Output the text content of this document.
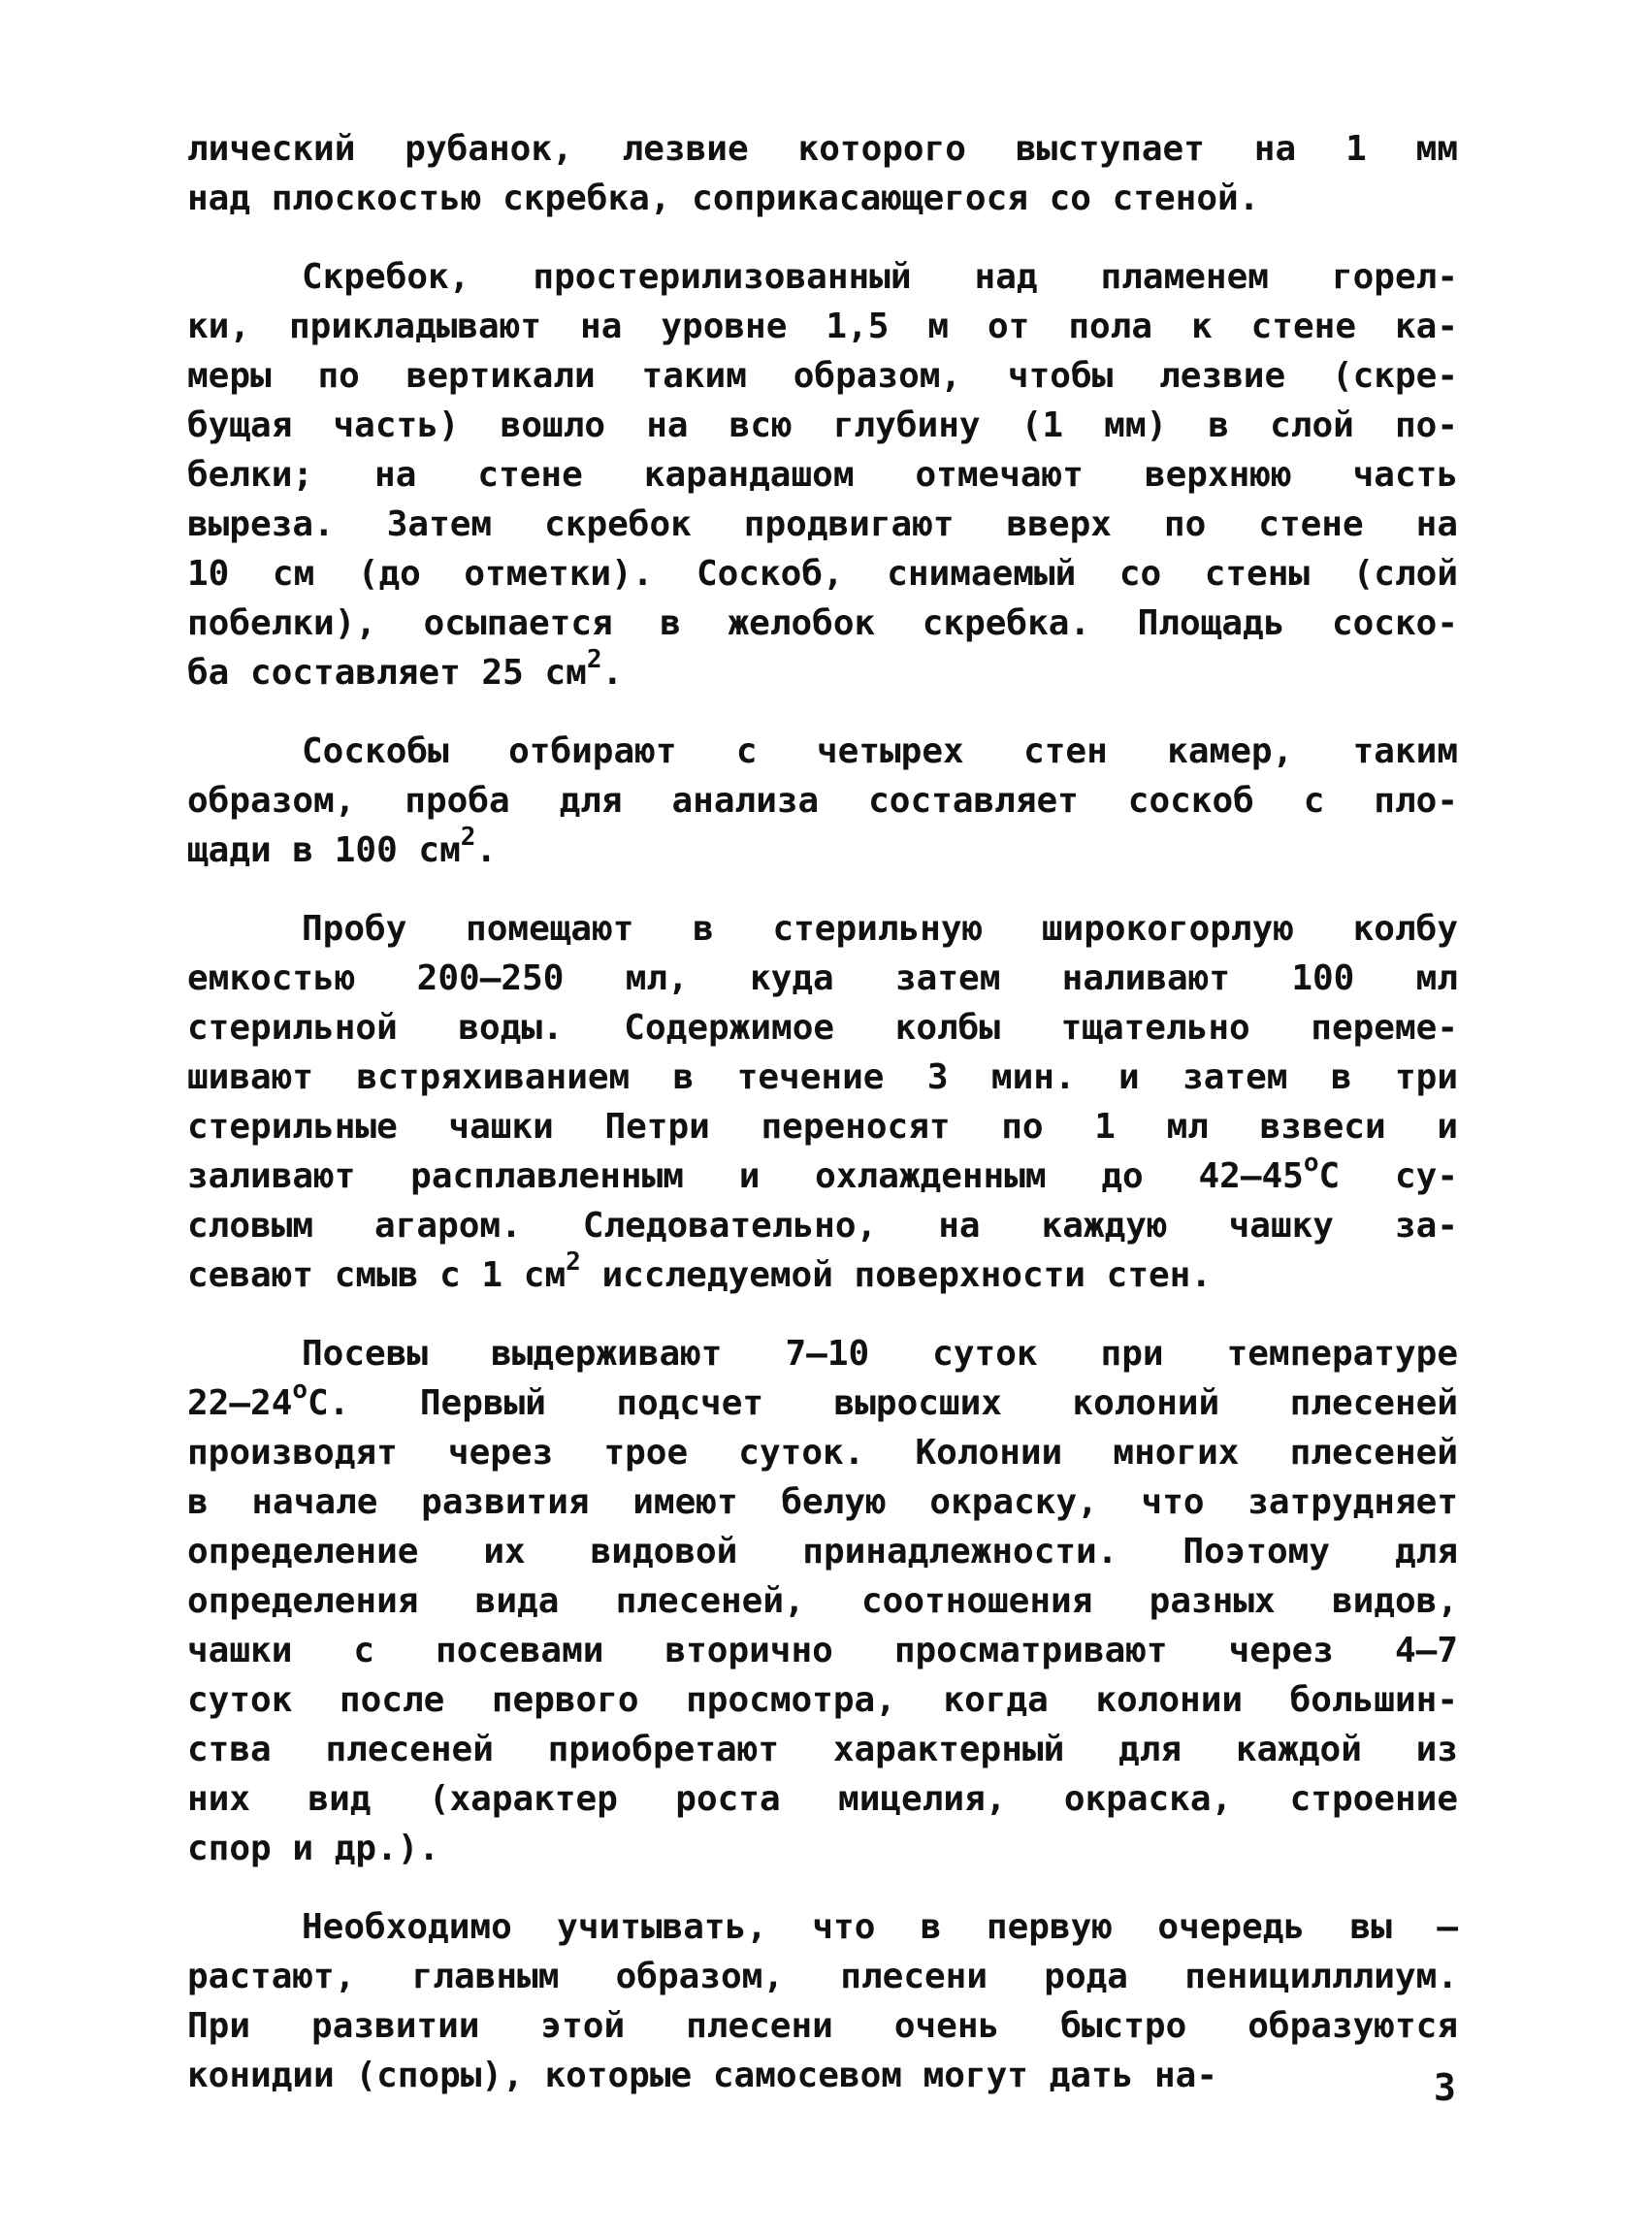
лический рубанок, лезвие которого выступает на 1 мм
над плоскостью скребка, соприкасающегося со стеной.
Скребок, простерилизованный над пламенем горел-
ки, прикладывают на уровне 1,5 м от пола к стене ка-
меры по вертикали таким образом, чтобы лезвие (скре-
бущая часть) вошло на всю глубину (1 мм) в слой по-
белки; на стене карандашом отмечают верхнюю часть
выреза. Затем скребок продвигают вверх по стене на
10 см (до отметки). Соскоб, снимаемый со стены (слой
побелки), осыпается в желобок скребка. Площадь соско-
ба составляет 25 $см^2$.
Соскобы отбирают с четырех стен камер, таким
образом, проба для анализа составляет соскоб с пло-
щади в 100 $см^2$.
Пробу помещают в стерильную широкогорлую колбу
емкостью 200–250 мл, куда затем наливают 100 мл
стерильной воды. Содержимое колбы тщательно переме-
шивают встряхиванием в течение 3 мин. и затем в три
стерильные чашки Петри переносят по 1 мл взвеси и
заливают расплавленным и охлажденным до $42-45^оС$ су-
словым агаром. Следовательно, на каждую чашку за-
севают смыв с 1 $см^2$ исследуемой поверхности стен.
Посевы выдерживают 7–10 суток при температуре
$22-24^оС$. Первый подсчет выросших колоний плесеней
производят через трое суток. Колонии многих плесеней
в начале развития имеют белую окраску, что затрудняет
определение их видовой принадлежности. Поэтому для
определения вида плесеней, соотношения разных видов,
чашки с посевами вторично просматривают через 4–7
суток после первого просмотра, когда колонии большин-
ства плесеней приобретают характерный для каждой из
них вид (характер роста мицелия, окраска, строение
спор и др.).
Необходимо учитывать, что в первую очередь вы –
растают, главным образом, плесени рода пеницилллиум.
При развитии этой плесени очень быстро образуются
конидии (споры), которые самосевом могут дать на-	3
